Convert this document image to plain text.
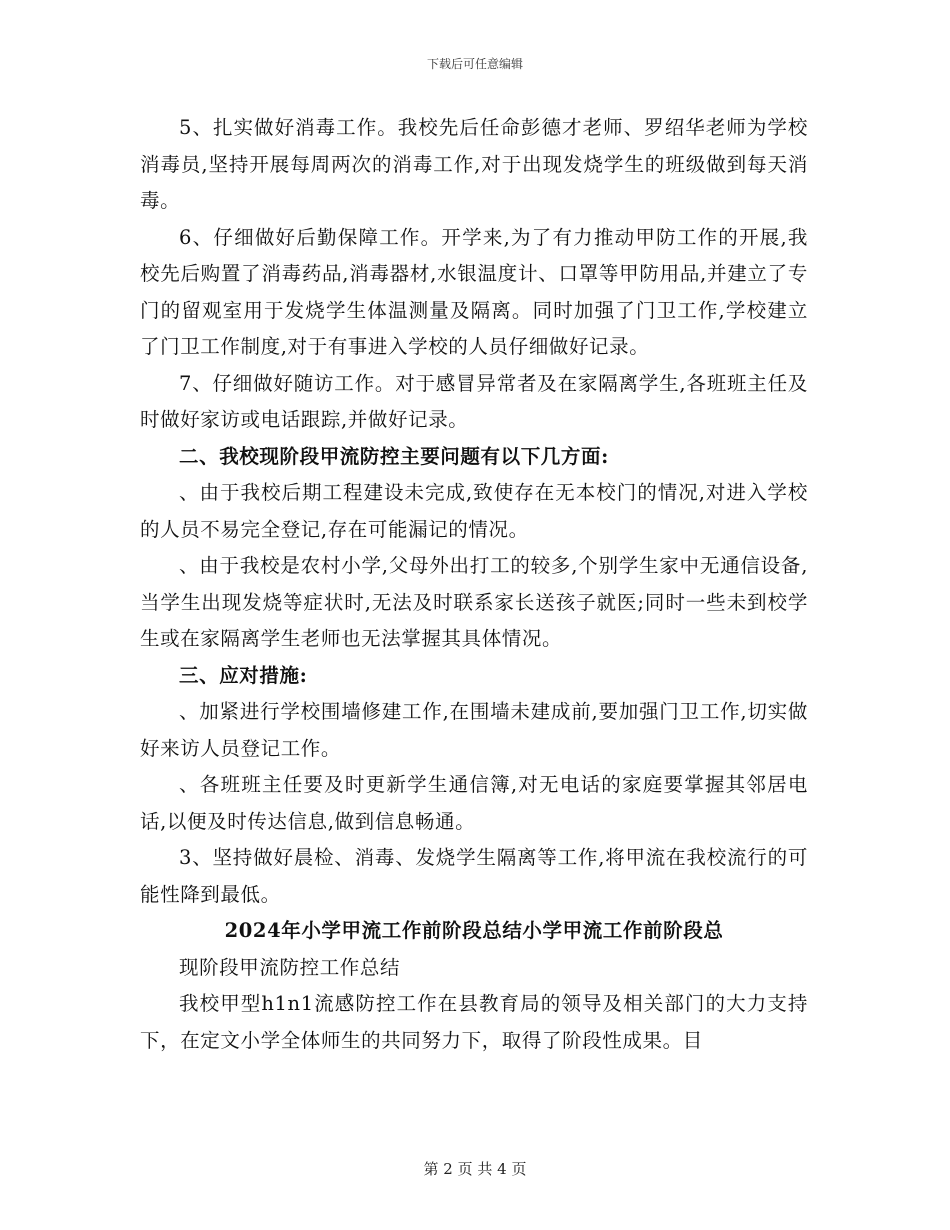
下载后可任意编辑

5、扎实做好消毒工作。我校先后任命彭德才老师、罗绍华老师为学校消毒员,坚持开展每周两次的消毒工作,对于出现发烧学生的班级做到每天消毒。

6、仔细做好后勤保障工作。开学来,为了有力推动甲防工作的开展,我校先后购置了消毒药品,消毒器材,水银温度计、口罩等甲防用品,并建立了专门的留观室用于发烧学生体温测量及隔离。同时加强了门卫工作,学校建立了门卫工作制度,对于有事进入学校的人员仔细做好记录。

7、仔细做好随访工作。对于感冒异常者及在家隔离学生,各班班主任及时做好家访或电话跟踪,并做好记录。

二、我校现阶段甲流防控主要问题有以下几方面:

、由于我校后期工程建设未完成,致使存在无本校门的情况,对进入学校的人员不易完全登记,存在可能漏记的情况。

、由于我校是农村小学,父母外出打工的较多,个别学生家中无通信设备,当学生出现发烧等症状时,无法及时联系家长送孩子就医;同时一些未到校学生或在家隔离学生老师也无法掌握其具体情况。

三、应对措施:

、加紧进行学校围墙修建工作,在围墙未建成前,要加强门卫工作,切实做好来访人员登记工作。

、各班班主任要及时更新学生通信簿,对无电话的家庭要掌握其邻居电话,以便及时传达信息,做到信息畅通。

3、坚持做好晨检、消毒、发烧学生隔离等工作,将甲流在我校流行的可能性降到最低。

2024年小学甲流工作前阶段总结小学甲流工作前阶段总

现阶段甲流防控工作总结

我校甲型h1n1流感防控工作在县教育局的领导及相关部门的大力支持下，在定文小学全体师生的共同努力下，取得了阶段性成果。目

第 2 页 共 4 页
